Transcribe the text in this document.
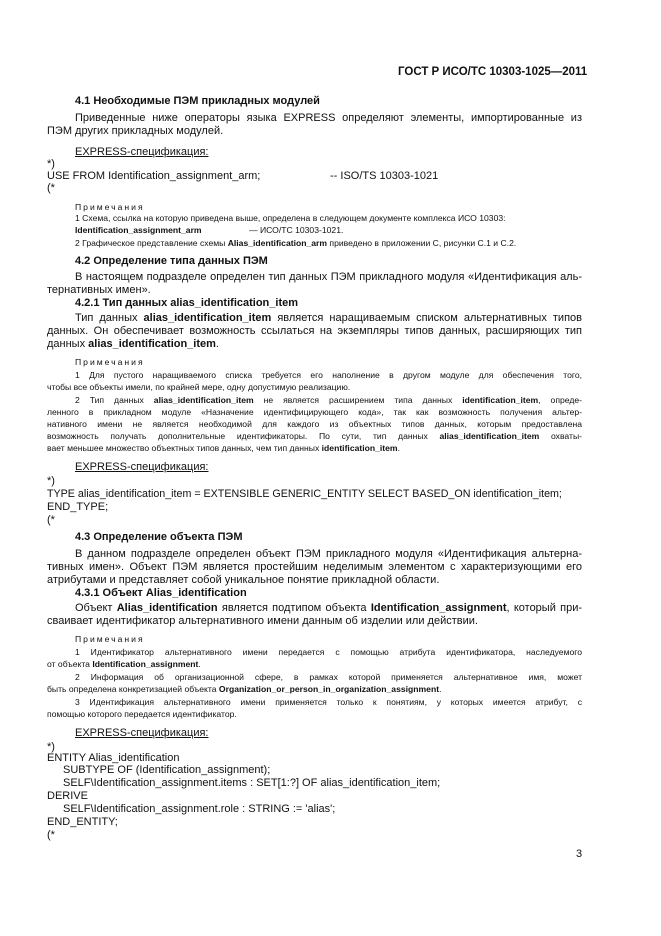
ГОСТ Р ИСО/ТС 10303-1025—2011
4.1 Необходимые ПЭМ прикладных модулей
Приведенные ниже операторы языка EXPRESS определяют элементы, импортированные из
ПЭМ других прикладных модулей.
EXPRESS-спецификация:
*)
USE FROM Identification_assignment_arm;	-- ISO/TS 10303-1021
(*
Примечания
1 Схема, ссылка на которую приведена выше, определена в следующем документе комплекса ИСО 10303:
Identification_assignment_arm	— ИСО/ТС 10303-1021.
2 Графическое представление схемы Alias_identification_arm приведено в приложении С, рисунки С.1 и С.2.
4.2 Определение типа данных ПЭМ
В настоящем подразделе определен тип данных ПЭМ прикладного модуля «Идентификация аль-
тернативных имен».
4.2.1 Тип данных alias_identification_item
Тип данных alias_identification_item является наращиваемым списком альтернативных типов
данных. Он обеспечивает возможность ссылаться на экземпляры типов данных, расширяющих тип
данных alias_identification_item.
Примечания
1 Для пустого наращиваемого списка требуется его наполнение в другом модуле для обеспечения того,
чтобы все объекты имели, по крайней мере, одну допустимую реализацию.
2 Тип данных alias_identification_item не является расширением типа данных identification_item, опреде-
ленного в прикладном модуле «Назначение идентифицирующего кода», так как возможность получения альтер-
нативного имени не является необходимой для каждого из объектных типов данных, которым предоставлена
возможность получать дополнительные идентификаторы. По сути, тип данных alias_identification_item охваты-
вает меньшее множество объектных типов данных, чем тип данных identification_item.
EXPRESS-спецификация:
*)
TYPE alias_identification_item = EXTENSIBLE GENERIC_ENTITY SELECT BASED_ON identification_item;
END_TYPE;
(*
4.3 Определение объекта ПЭМ
В данном подразделе определен объект ПЭМ прикладного модуля «Идентификация альтерна-
тивных имен». Объект ПЭМ является простейшим неделимым элементом с характеризующими его
атрибутами и представляет собой уникальное понятие прикладной области.
4.3.1 Объект Alias_identification
Объект Alias_identification является подтипом объекта Identification_assignment, который при-
сваивает идентификатор альтернативного имени данным об изделии или действии.
Примечания
1 Идентификатор альтернативного имени передается с помощью атрибута идентификатора, наследуемого
от объекта Identification_assignment.
2 Информация об организационной сфере, в рамках которой применяется альтернативное имя, может
быть определена конкретизацией объекта Organization_or_person_in_organization_assignment.
3 Идентификация альтернативного имени применяется только к понятиям, у которых имеется атрибут, с
помощью которого передается идентификатор.
EXPRESS-спецификация:
*)
ENTITY Alias_identification
SUBTYPE OF (Identification_assignment);
SELF\Identification_assignment.items : SET[1:?] OF alias_identification_item;
DERIVE
SELF\Identification_assignment.role : STRING := 'alias';
END_ENTITY;
(*
3
